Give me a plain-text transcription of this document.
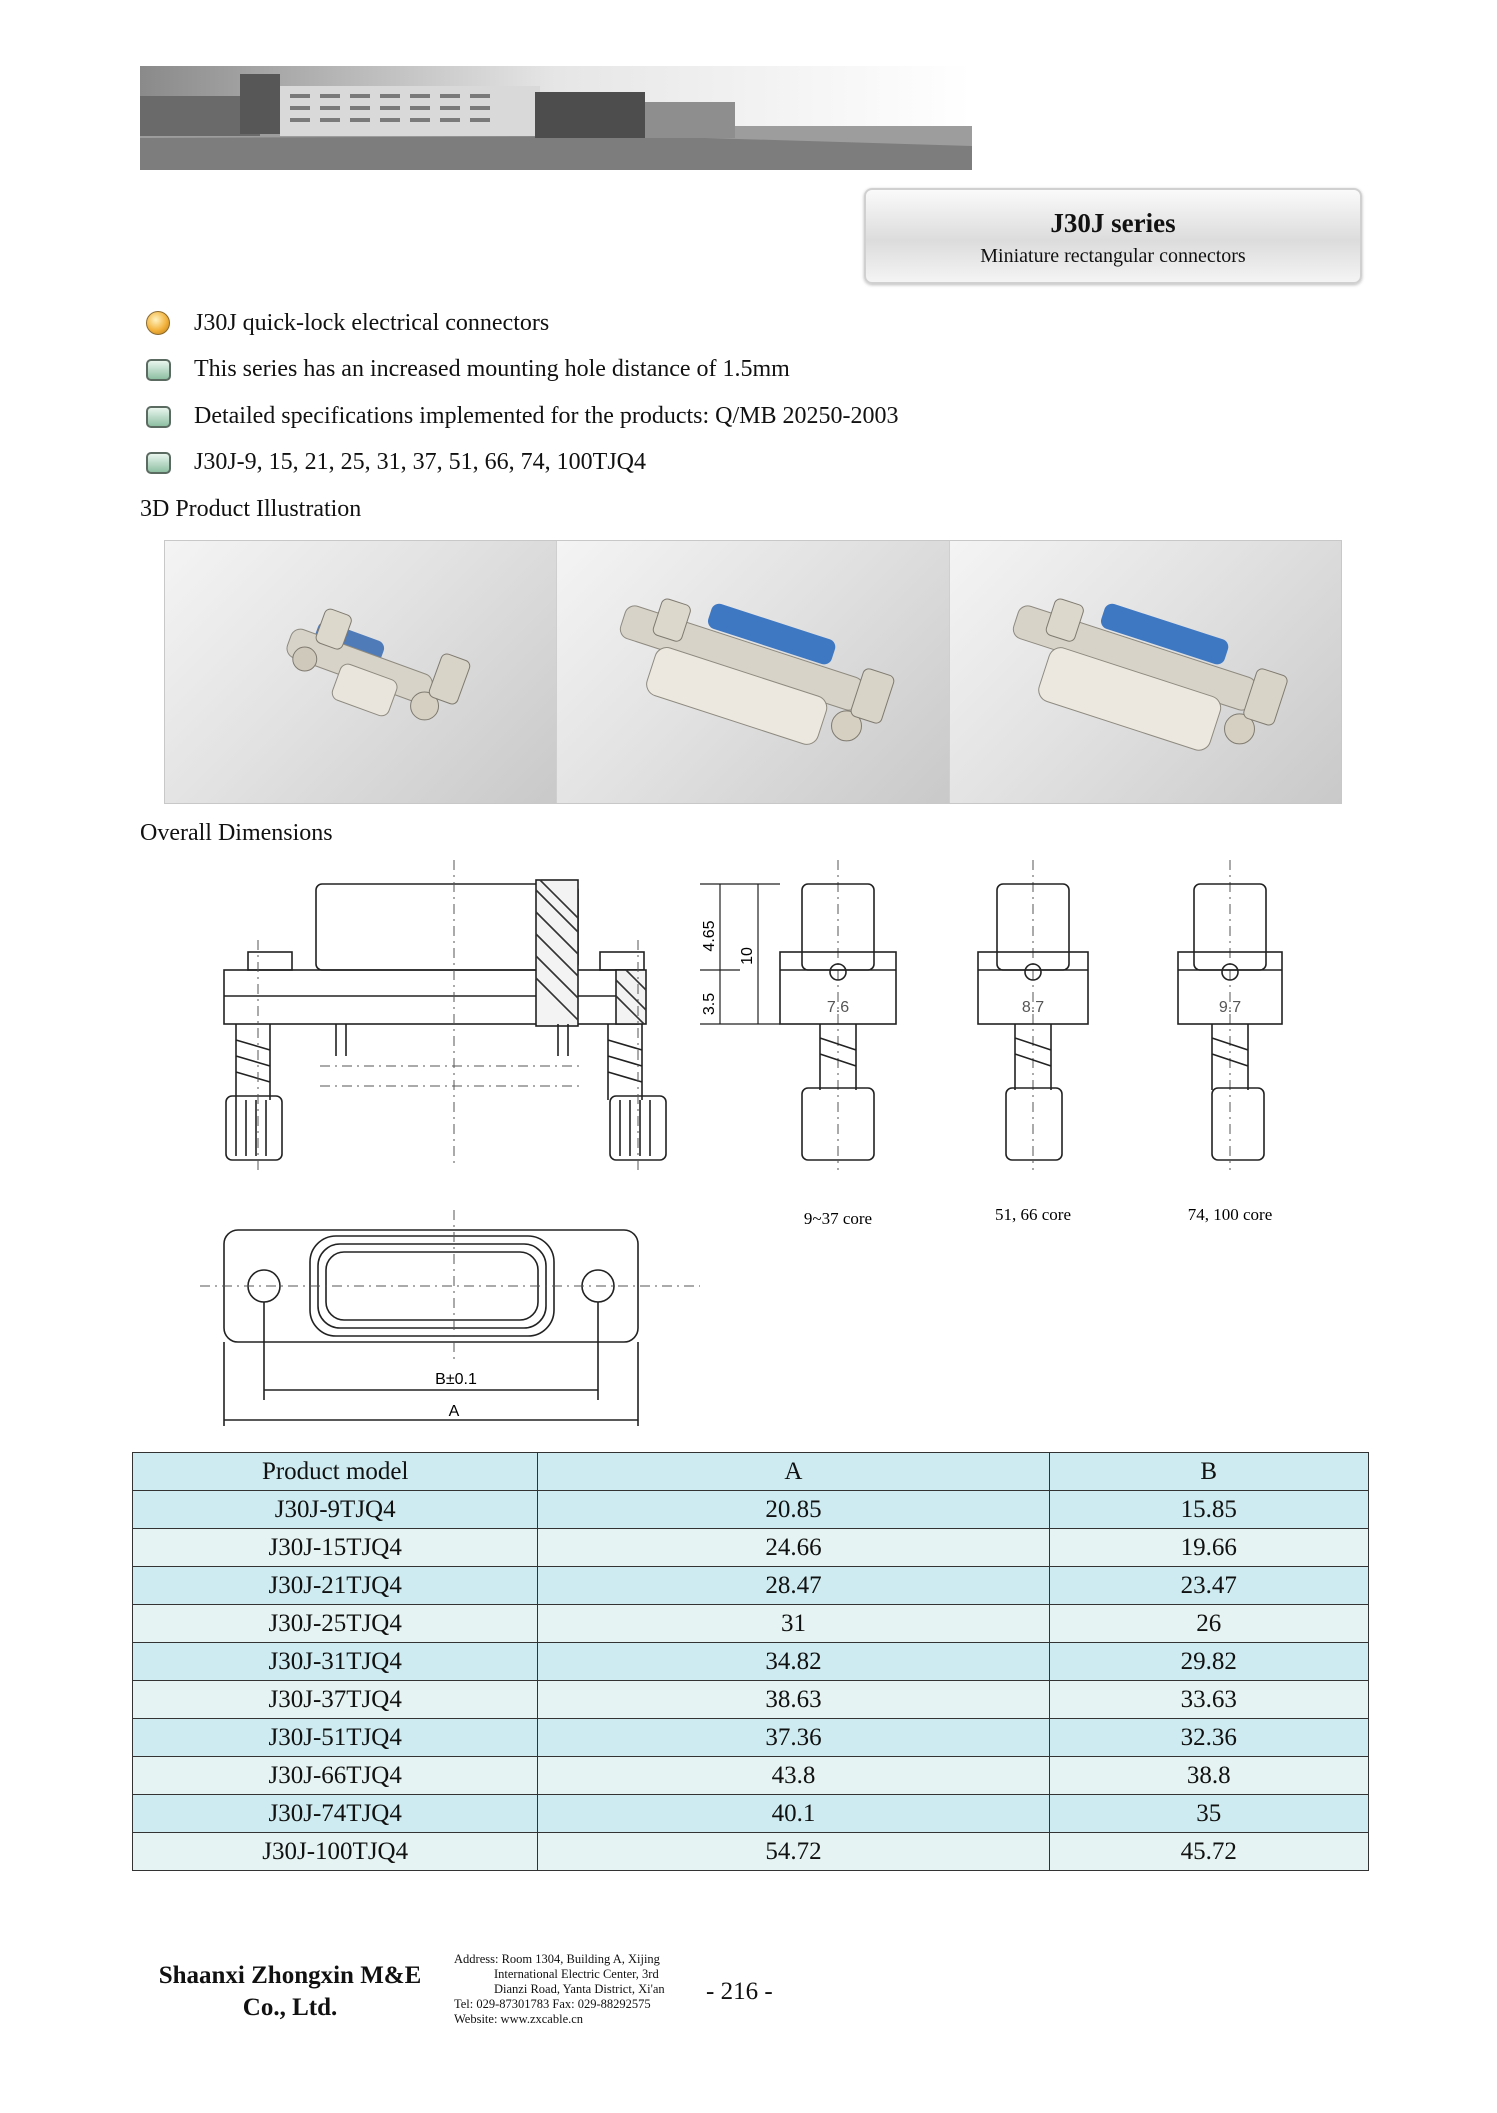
J30J series
Miniature rectangular connectors
J30J quick-lock electrical connectors
This series has an increased mounting hole distance of 1.5mm
Detailed specifications implemented for the products: Q/MB 20250-2003
J30J-9, 15, 21, 25, 31, 37, 51, 66, 74, 100TJQ4
3D Product Illustration
Overall Dimensions
4.65
10
3.5	7.6	8.7	9.7
9~37 core	51, 66 core	74, 100 core
B±0.1
A
Product model	A	B
J30J-9TJQ4	20.85	15.85
J30J-15TJQ4	24.66	19.66
J30J-21TJQ4	28.47	23.47
J30J-25TJQ4	31	26
J30J-31TJQ4	34.82	29.82
J30J-37TJQ4	38.63	33.63
J30J-51TJQ4	37.36	32.36
J30J-66TJQ4	43.8	38.8
J30J-74TJQ4	40.1	35
J30J-100TJQ4	54.72	45.72
Shaanxi Zhongxin M&E
Co., Ltd.
Address: Room 1304, Building A, Xijing
International Electric Center, 3rd
Dianzi Road, Yanta District, Xi'an
Tel: 029-87301783 Fax: 029-88292575
Website: www.zxcable.cn
- 216 -
